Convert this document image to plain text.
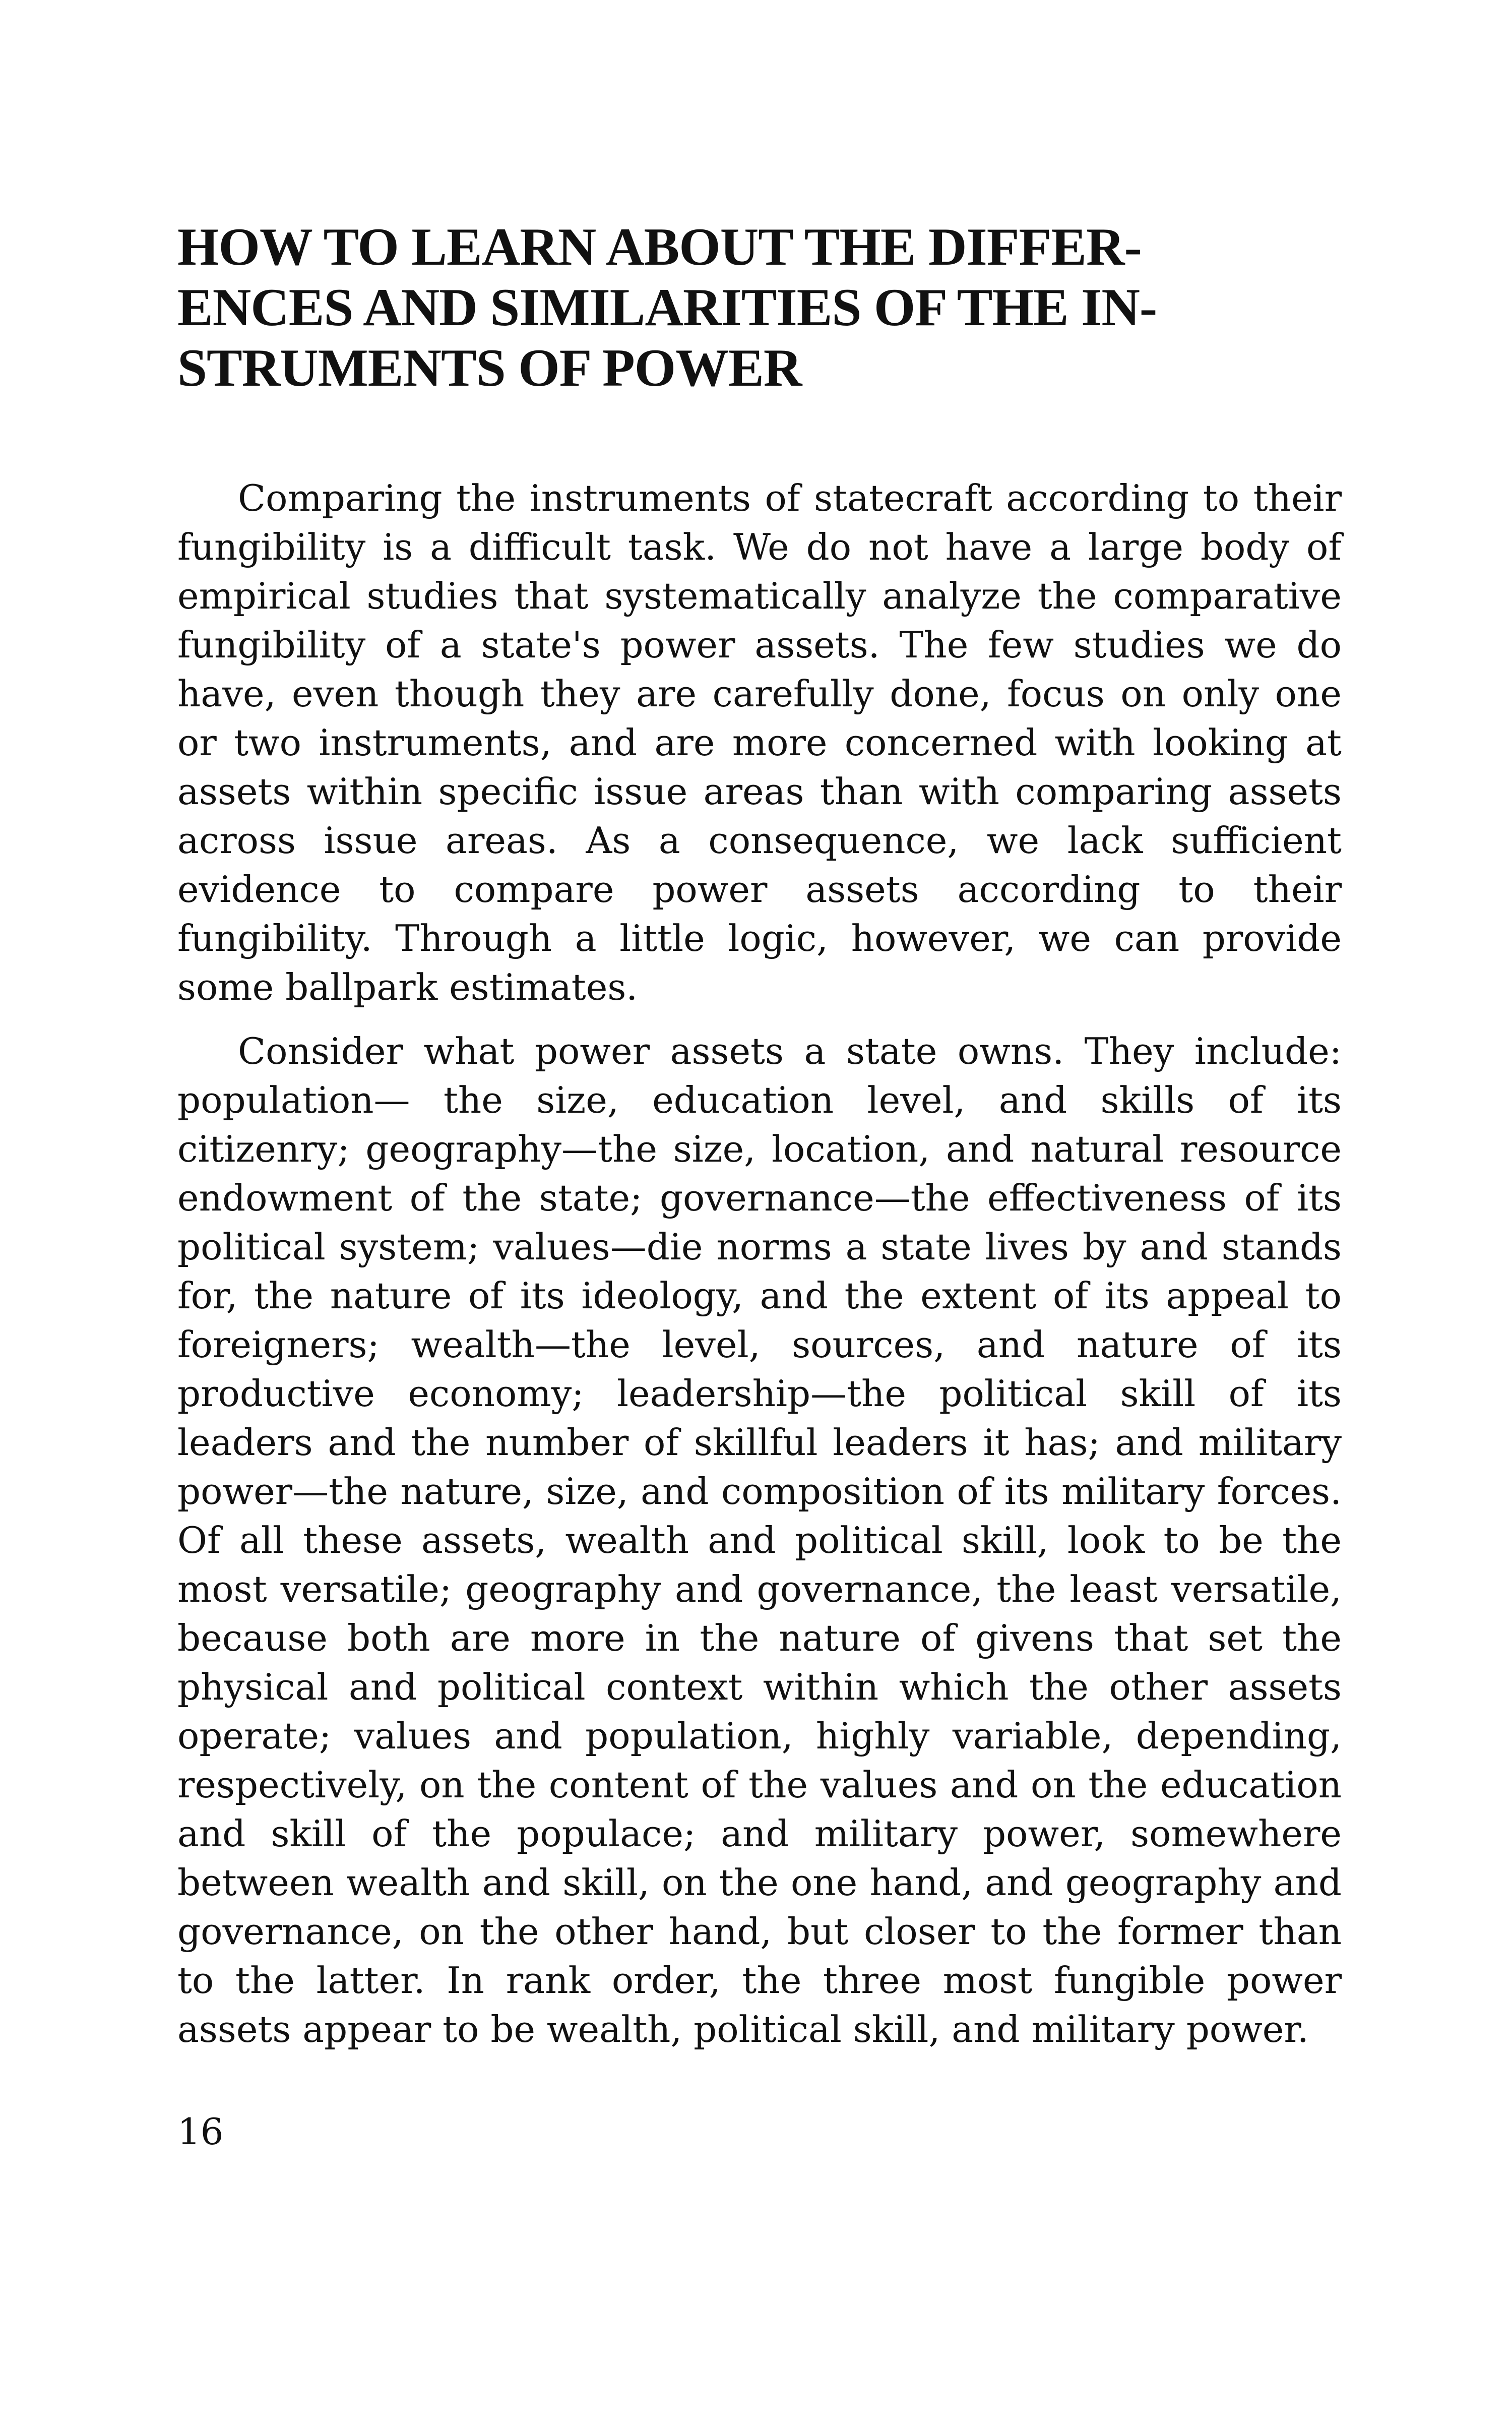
HOW TO LEARN ABOUT THE DIFFER-
ENCES AND SIMILARITIES OF THE IN-
STRUMENTS OF POWER

Comparing the instruments of statecraft according to their fungibility is a difficult task. We do not have a large body of empirical studies that systematically analyze the comparative fungibility of a state's power assets. The few studies we do have, even though they are carefully done, focus on only one or two instruments, and are more concerned with looking at assets within specific issue areas than with comparing assets across issue areas. As a consequence, we lack sufficient evidence to compare power assets according to their fungibility. Through a little logic, however, we can provide some ballpark estimates.

Consider what power assets a state owns. They include: population— the size, education level, and skills of its citizenry; geography—the size, location, and natural resource endowment of the state; governance—the effectiveness of its political system; values—die norms a state lives by and stands for, the nature of its ideology, and the extent of its appeal to foreigners; wealth—the level, sources, and nature of its productive economy; leadership—the political skill of its leaders and the number of skillful leaders it has; and military power—the nature, size, and composition of its military forces. Of all these assets, wealth and political skill, look to be the most versatile; geography and governance, the least versatile, because both are more in the nature of givens that set the physical and political context within which the other assets operate; values and population, highly variable, depending, respectively, on the content of the values and on the education and skill of the populace; and military power, somewhere between wealth and skill, on the one hand, and geography and governance, on the other hand, but closer to the former than to the latter. In rank order, the three most fungible power assets appear to be wealth, political skill, and military power.

16
